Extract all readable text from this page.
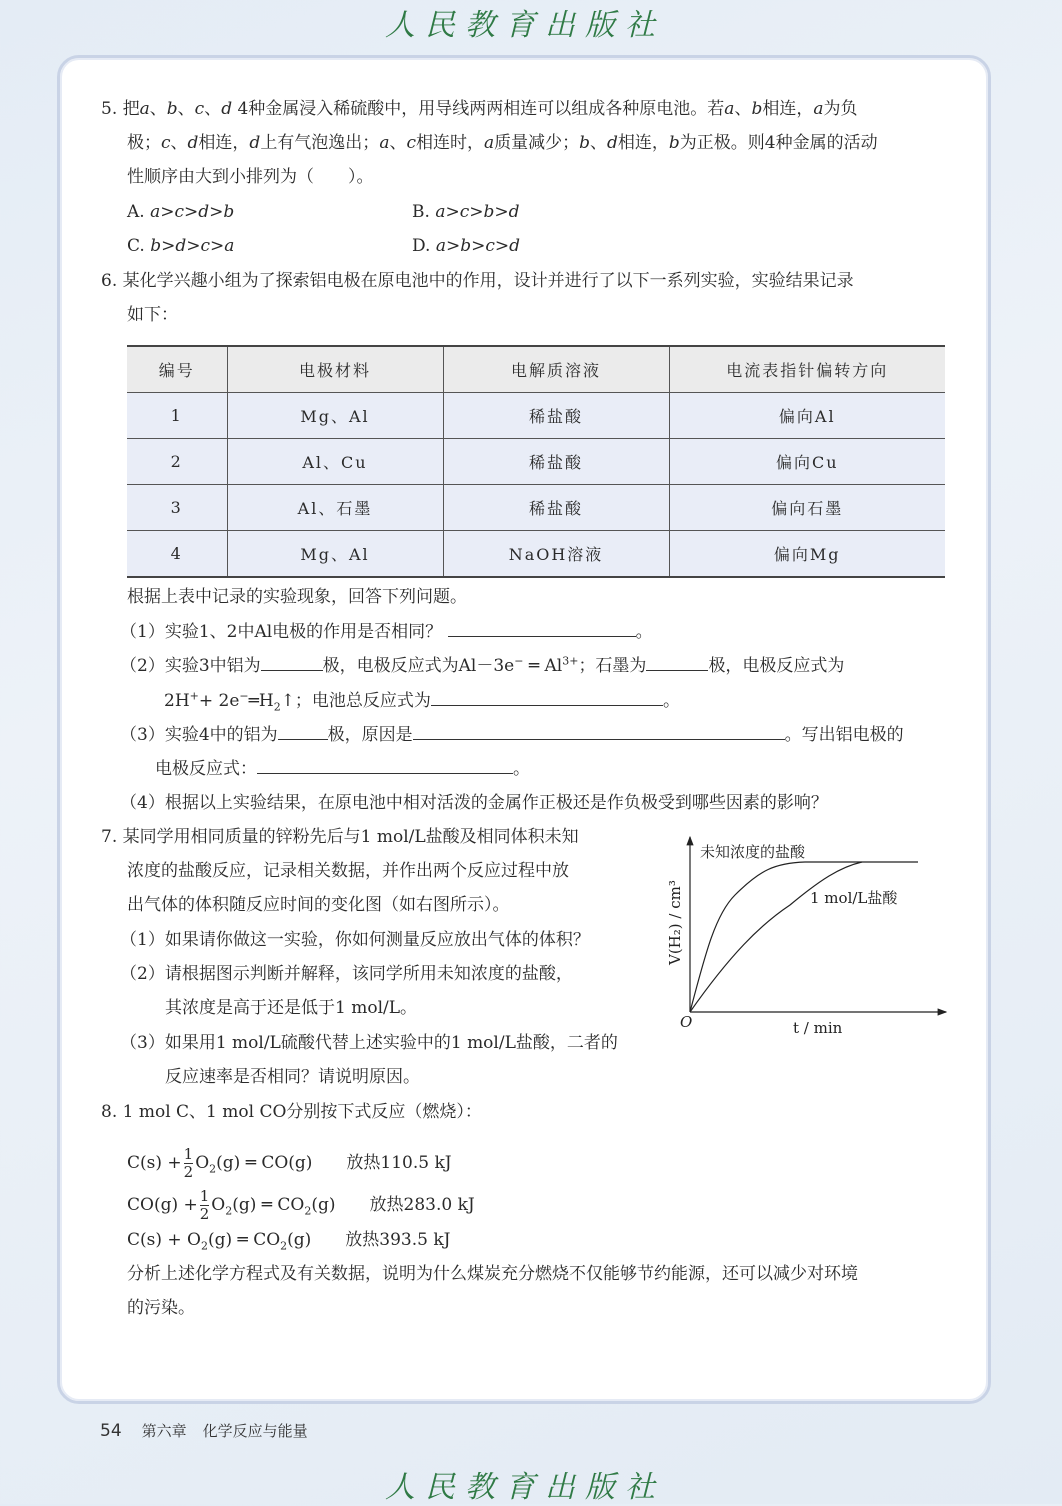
人民教育出版社
5. 把a、b、c、d 4种金属浸入稀硫酸中，用导线两两相连可以组成各种原电池。若a、b相连，a为负
极；c、d相连，d上有气泡逸出；a、c相连时，a质量减少；b、d相连，b为正极。则4种金属的活动
性顺序由大到小排列为（　　）。
A. a>c>d>b	B. a>c>b>d
C. b>d>c>a	D. a>b>c>d
6. 某化学兴趣小组为了探索铝电极在原电池中的作用，设计并进行了以下一系列实验，实验结果记录
如下：
编号	电极材料	电解质溶液	电流表指针偏转方向
1	Mg、Al	稀盐酸	偏向Al
2	Al、Cu	稀盐酸	偏向Cu
3	Al、石墨	稀盐酸	偏向石墨
4	Mg、Al	NaOH溶液	偏向Mg
根据上表中记录的实验现象，回答下列问题。
（1）实验1、2中Al电极的作用是否相同？	。
（2）实验3中铝为	极，电极反应式为Al－3e− ═ $Al^{3+}$；石墨为	极，电极反应式为
$2H^++ 2e^-═H_2↑$；电池总反应式为	。
（3）实验4中的铝为	极，原因是	。写出铝电极的
电极反应式：	。
（4）根据以上实验结果，在原电池中相对活泼的金属作正极还是作负极受到哪些因素的影响？
7. 某同学用相同质量的锌粉先后与1 mol/L盐酸及相同体积未知
浓度的盐酸反应，记录相关数据，并作出两个反应过程中放
出气体的体积随反应时间的变化图（如右图所示）。
（1）如果请你做这一实验，你如何测量反应放出气体的体积？
（2）请根据图示判断并解释，该同学所用未知浓度的盐酸，
其浓度是高于还是低于1 mol/L。
（3）如果用1 mol/L硫酸代替上述实验中的1 mol/L盐酸，二者的
反应速率是否相同？请说明原因。
未知浓度的盐酸
1 mol/L盐酸
O	t / min
V(H₂) / cm³
8. 1 mol C、1 mol CO分别按下式反应（燃烧）：
$C(s) + \frac{1}{2} O_2(g)$ ═ CO(g)　　 放热110.5 kJ
$CO(g) + \frac{1}{2} O_2(g)$ ═ $CO_2(g)$　　 放热283.0 kJ
$C(s) + O_2(g)$ ═ $CO_2(g)$　　 放热393.5 kJ
分析上述化学方程式及有关数据，说明为什么煤炭充分燃烧不仅能够节约能源，还可以减少对环境
的污染。
54 第六章 化学反应与能量
人民教育出版社
